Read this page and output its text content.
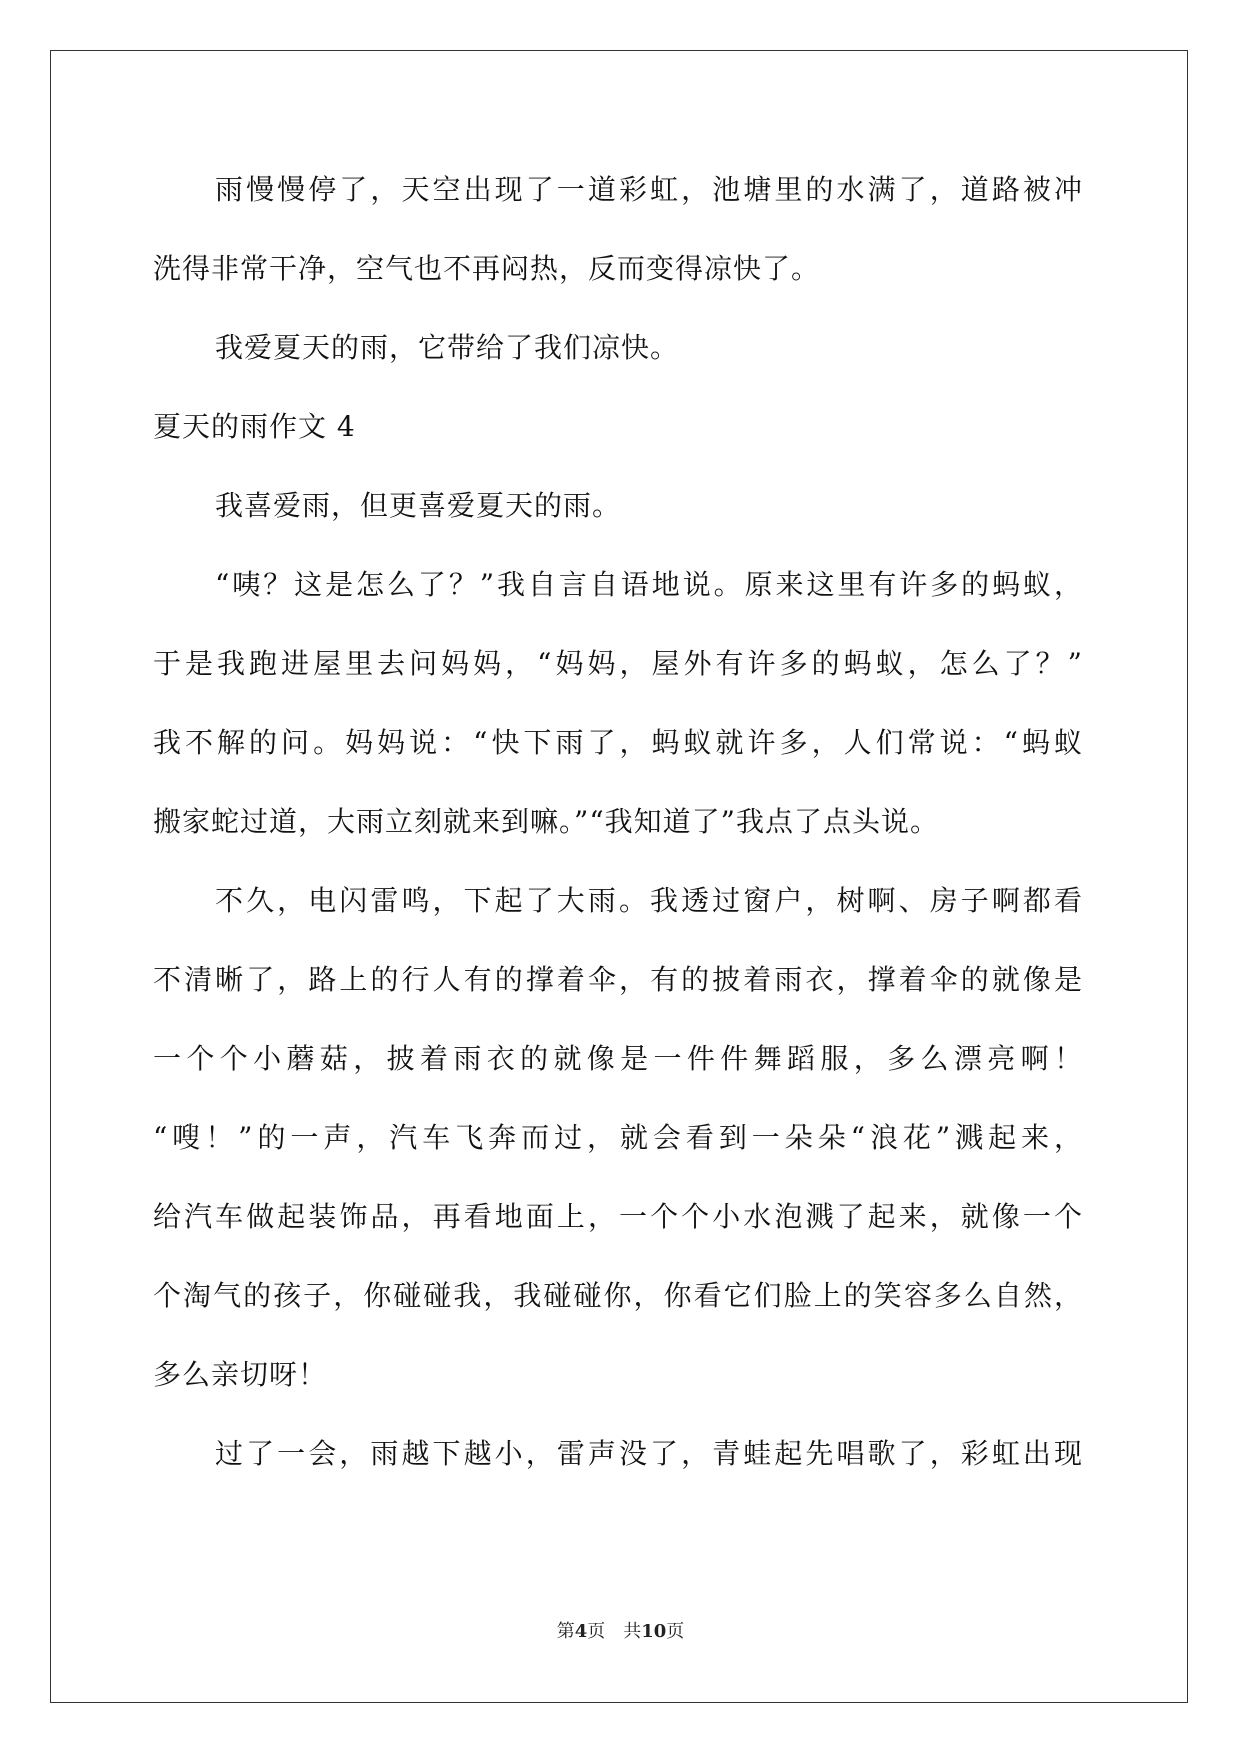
雨慢慢停了，天空出现了一道彩虹，池塘里的水满了，道路被冲
洗得非常干净，空气也不再闷热，反而变得凉快了。
我爱夏天的雨，它带给了我们凉快。
夏天的雨作文 4
我喜爱雨，但更喜爱夏天的雨。
“咦？这是怎么了？”我自言自语地说。原来这里有许多的蚂蚁，
于是我跑进屋里去问妈妈，“妈妈，屋外有许多的蚂蚁，怎么了？”
我不解的问。妈妈说：“快下雨了，蚂蚁就许多，人们常说：“蚂蚁
搬家蛇过道，大雨立刻就来到嘛。”“我知道了”我点了点头说。
不久，电闪雷鸣，下起了大雨。我透过窗户，树啊、房子啊都看
不清晰了，路上的行人有的撑着伞，有的披着雨衣，撑着伞的就像是
一个个小蘑菇，披着雨衣的就像是一件件舞蹈服，多么漂亮啊！
“嗖！”的一声，汽车飞奔而过，就会看到一朵朵“浪花”溅起来，
给汽车做起装饰品，再看地面上，一个个小水泡溅了起来，就像一个
个淘气的孩子，你碰碰我，我碰碰你，你看它们脸上的笑容多么自然，
多么亲切呀！
过了一会，雨越下越小，雷声没了，青蛙起先唱歌了，彩虹出现
第4页　共10页
